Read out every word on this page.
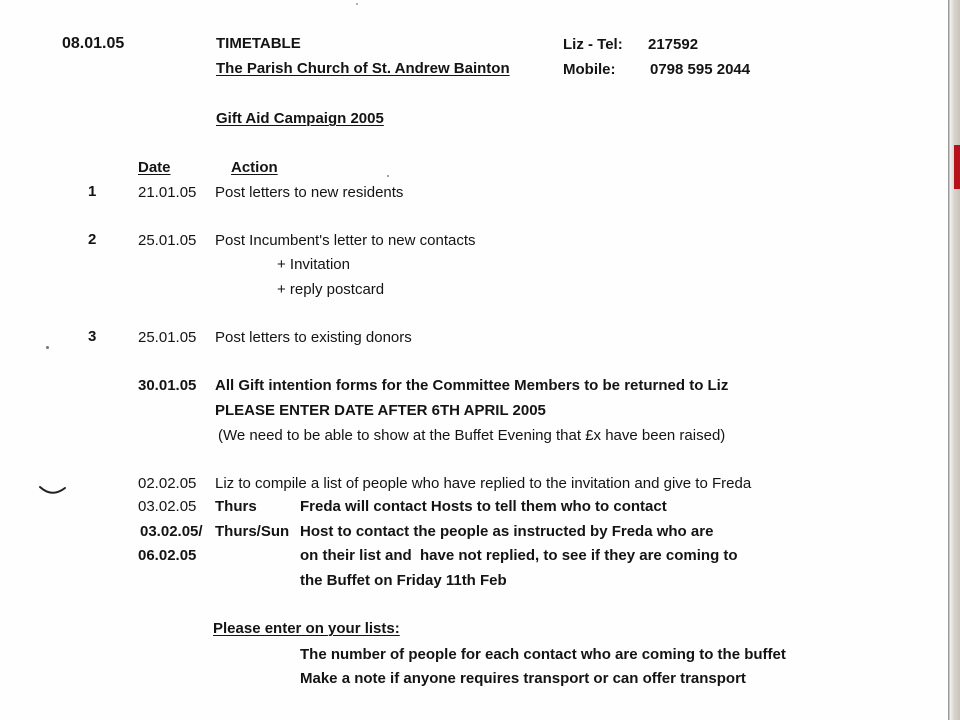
08.01.05	TIMETABLE
The Parish Church of St. Andrew Bainton
Liz - Tel: 217592
Mobile: 0798 595 2044
Gift Aid Campaign 2005
Date	Action
1	21.01.05 Post letters to new residents
2	25.01.05 Post Incumbent's letter to new contacts
+ Invitation
+ reply postcard
3	25.01.05 Post letters to existing donors
30.01.05 All Gift intention forms for the Committee Members to be returned to Liz
PLEASE ENTER DATE AFTER 6TH APRIL 2005
(We need to be able to show at the Buffet Evening that £x have been raised)
02.02.05 Liz to compile a list of people who have replied to the invitation and give to Freda
03.02.05 Thurs	Freda will contact Hosts to tell them who to contact
03.02.05/ Thurs/Sun Host to contact the people as instructed by Freda who are
06.02.05	on their list and  have not replied, to see if they are coming to
the Buffet on Friday 11th Feb
Please enter on your lists:
The number of people for each contact who are coming to the buffet
Make a note if anyone requires transport or can offer transport
